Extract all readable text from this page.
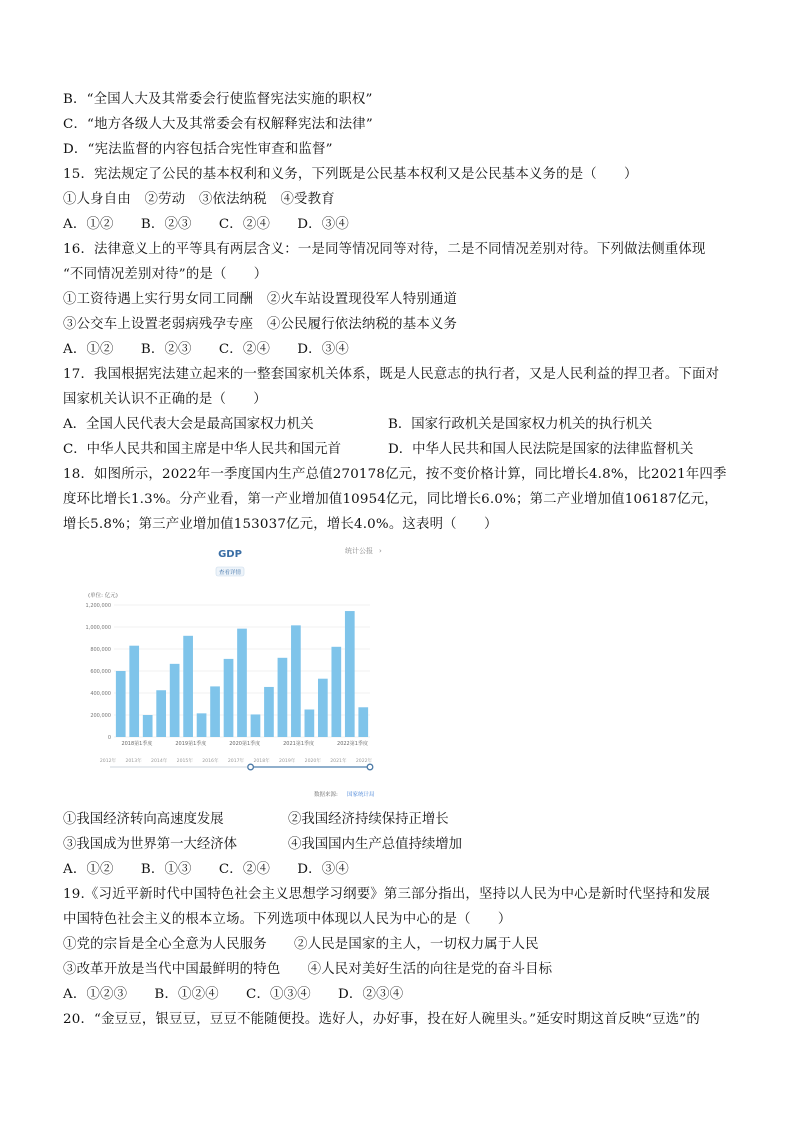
B．“全国人大及其常委会行使监督宪法实施的职权”
C．“地方各级人大及其常委会有权解释宪法和法律”
D．“宪法监督的内容包括合宪性审查和监督”
15．宪法规定了公民的基本权利和义务，下列既是公民基本权利又是公民基本义务的是（　　）
①人身自由　②劳动　③依法纳税　④受教育
A．①②　　B．②③　　C．②④　　D．③④
16．法律意义上的平等具有两层含义：一是同等情况同等对待，二是不同情况差别对待。下列做法侧重体现
“不同情况差别对待”的是（　　）
①工资待遇上实行男女同工同酬　②火车站设置现役军人特别通道
③公交车上设置老弱病残孕专座　④公民履行依法纳税的基本义务
A．①②　　B．②③　　C．②④　　D．③④
17．我国根据宪法建立起来的一整套国家机关体系，既是人民意志的执行者，又是人民利益的捍卫者。下面对
国家机关认识不正确的是（　　）
A．全国人民代表大会是最高国家权力机关	B．国家行政机关是国家权力机关的执行机关
C．中华人民共和国主席是中华人民共和国元首	D．中华人民共和国人民法院是国家的法律监督机关
18．如图所示，2022年一季度国内生产总值270178亿元，按不变价格计算，同比增长4.8%，比2021年四季
度环比增长1.3%。分产业看，第一产业增加值10954亿元，同比增长6.0%；第二产业增加值106187亿元，
增长5.8%；第三产业增加值153037亿元，增长4.0%。这表明（　　）
GDP	统计公报 ›
查看详情
(单位: 亿元)
1,200,000
1,000,000
800,000
600,000
400,000
200,000
0
2018第1季度	2019第1季度	2020第1季度	2021第1季度	2022第1季度
2012年 2013年 2014年 2015年 2016年 2017年 2018年 2019年 2020年 2021年 2022年
数据来源: 国家统计局
①我国经济转向高速度发展	②我国经济持续保持正增长
③我国成为世界第一大经济体	④我国国内生产总值持续增加
A．①②　　B．①③　　C．②④　　D．③④
19.《习近平新时代中国特色社会主义思想学习纲要》第三部分指出，坚持以人民为中心是新时代坚持和发展
中国特色社会主义的根本立场。下列选项中体现以人民为中心的是（　　）
①党的宗旨是全心全意为人民服务　　②人民是国家的主人，一切权力属于人民
③改革开放是当代中国最鲜明的特色　　④人民对美好生活的向往是党的奋斗目标
A．①②③　　B．①②④　　C．①③④　　D．②③④
20．“金豆豆，银豆豆，豆豆不能随便投。选好人，办好事，投在好人碗里头。”延安时期这首反映“豆选”的
